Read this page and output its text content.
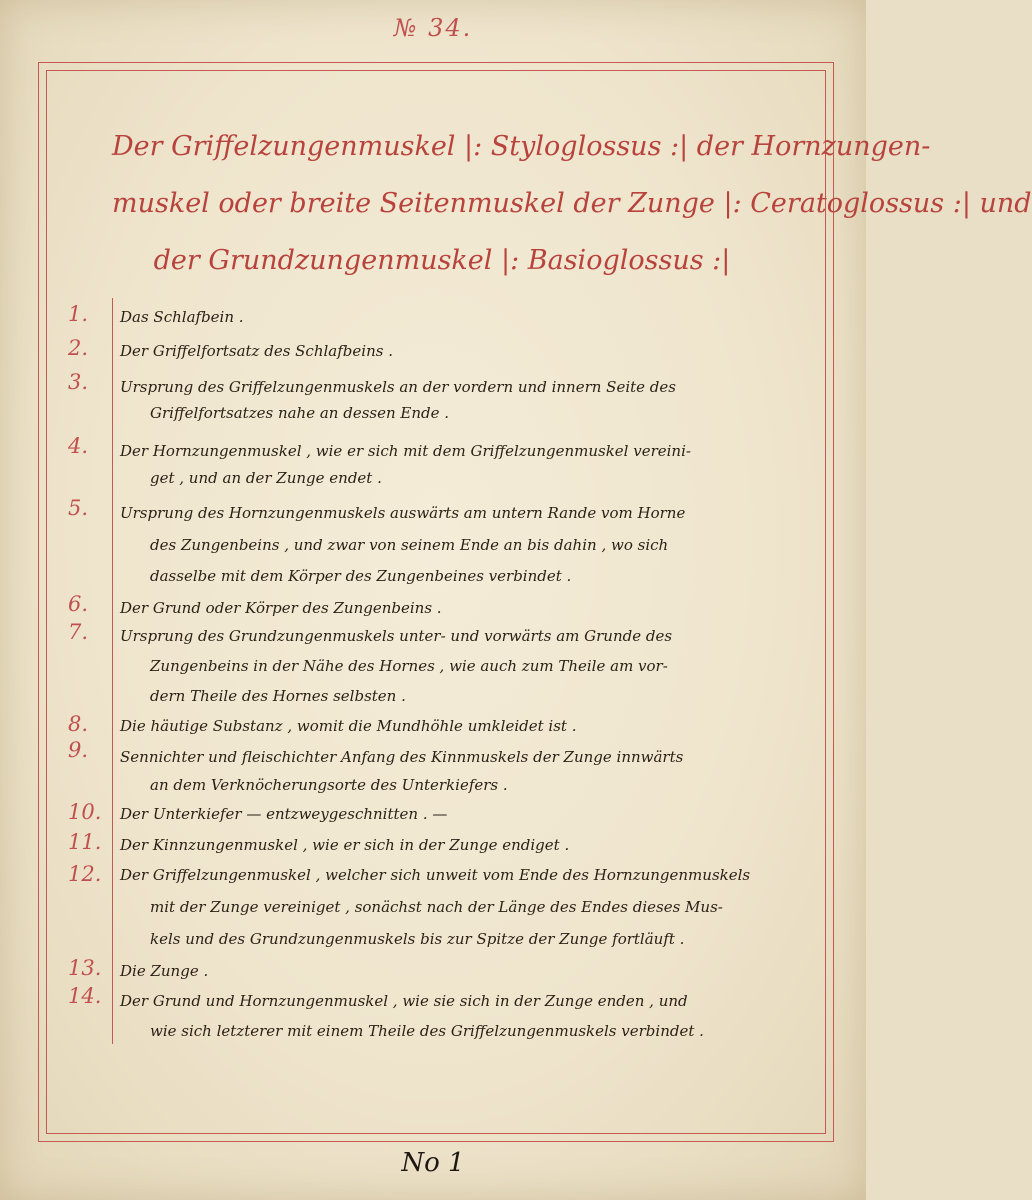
№ 34.
Der Griffelzungenmuskel |: Styloglossus :| der Hornzungen-
muskel oder breite Seitenmuskel der Zunge |: Ceratoglossus :| und
der Grundzungenmuskel |: Basioglossus :|
1.	Das Schlafbein .
2.	Der Griffelfortsatz des Schlafbeins .
3.	Ursprung des Griffelzungenmuskels an der vordern und innern Seite des
Griffelfortsatzes nahe an dessen Ende .
4.	Der Hornzungenmuskel , wie er sich mit dem Griffelzungenmuskel vereini-
get , und an der Zunge endet .
5.	Ursprung des Hornzungenmuskels auswärts am untern Rande vom Horne
des Zungenbeins , und zwar von seinem Ende an bis dahin , wo sich
dasselbe mit dem Körper des Zungenbeines verbindet .
6.	Der Grund oder Körper des Zungenbeins .
7.	Ursprung des Grundzungenmuskels unter- und vorwärts am Grunde des
Zungenbeins in der Nähe des Hornes , wie auch zum Theile am vor-
dern Theile des Hornes selbsten .
8.	Die häutige Substanz , womit die Mundhöhle umkleidet ist .
9.	Sennichter und fleischichter Anfang des Kinnmuskels der Zunge innwärts
an dem Verknöcherungsorte des Unterkiefers .
10.	Der Unterkiefer — entzweygeschnitten . —
11.	Der Kinnzungenmuskel , wie er sich in der Zunge endiget .
12.	Der Griffelzungenmuskel , welcher sich unweit vom Ende des Hornzungenmuskels
mit der Zunge vereiniget , sonächst nach der Länge des Endes dieses Mus-
kels und des Grundzungenmuskels bis zur Spitze der Zunge fortläuft .
13.	Die Zunge .
14.	Der Grund und Hornzungenmuskel , wie sie sich in der Zunge enden , und
wie sich letzterer mit einem Theile des Griffelzungenmuskels verbindet .
No 1
